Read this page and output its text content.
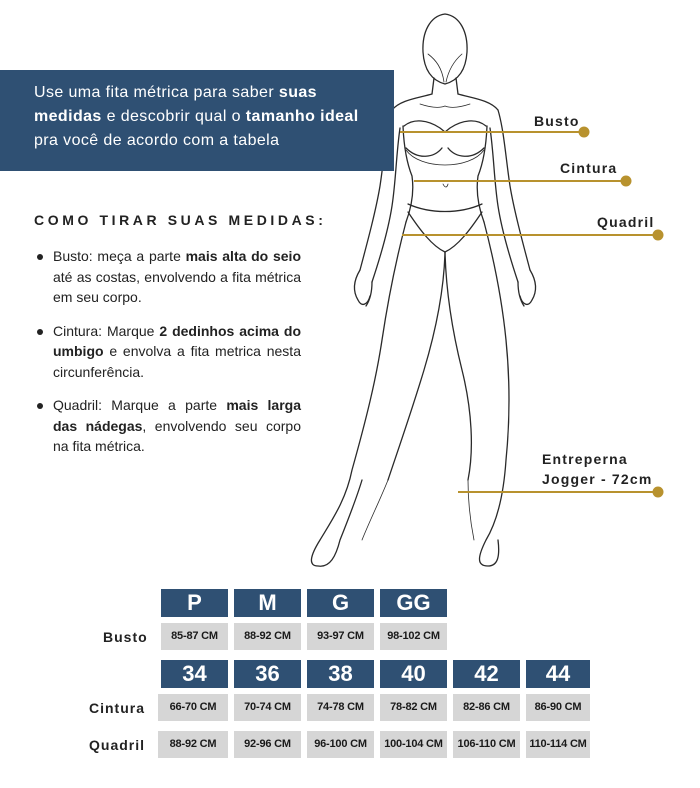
Use uma fita métrica para saber suas medidas e descobrir qual o tamanho ideal pra você de acordo com a tabela
COMO TIRAR SUAS MEDIDAS:
Busto: meça a parte mais alta do seio até as costas, envolvendo a fita métrica em seu corpo.
Cintura: Marque 2 dedinhos acima do umbigo e envolva a fita metrica nesta circunferência.
Quadril: Marque a parte mais larga das nádegas, envolvendo seu corpo na fita métrica.
Busto
Cintura
Quadril
Entreperna
Jogger - 72cm
P	M	G	GG
Busto	85-87 CM	88-92 CM	93-97 CM	98-102 CM
34	36	38	40	42	44
Cintura	66-70 CM	70-74 CM	74-78 CM	78-82 CM	82-86 CM	86-90 CM
Quadril	88-92 CM	92-96 CM	96-100 CM	100-104 CM	106-110 CM	110-114 CM
